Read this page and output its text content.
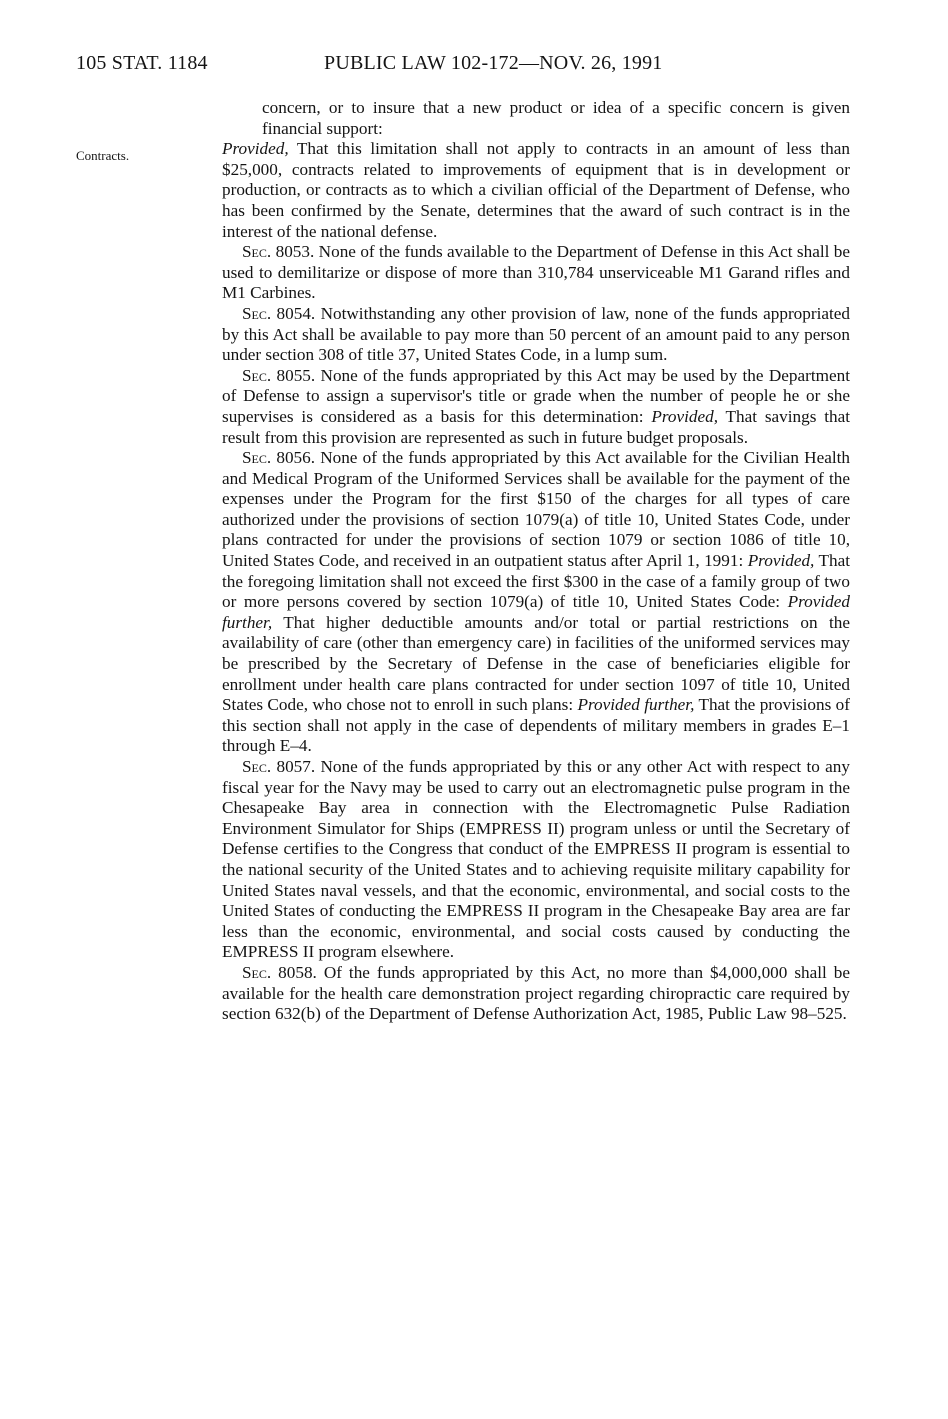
105 STAT. 1184	PUBLIC LAW 102-172—NOV. 26, 1991
Contracts.

concern, or to insure that a new product or idea of a specific concern is given financial support:

Provided, That this limitation shall not apply to contracts in an amount of less than $25,000, contracts related to improvements of equipment that is in development or production, or contracts as to which a civilian official of the Department of Defense, who has been confirmed by the Senate, determines that the award of such contract is in the interest of the national defense.

Sec. 8053. None of the funds available to the Department of Defense in this Act shall be used to demilitarize or dispose of more than 310,784 unserviceable M1 Garand rifles and M1 Carbines.

Sec. 8054. Notwithstanding any other provision of law, none of the funds appropriated by this Act shall be available to pay more than 50 percent of an amount paid to any person under section 308 of title 37, United States Code, in a lump sum.

Sec. 8055. None of the funds appropriated by this Act may be used by the Department of Defense to assign a supervisor's title or grade when the number of people he or she supervises is considered as a basis for this determination: Provided, That savings that result from this provision are represented as such in future budget proposals.

Sec. 8056. None of the funds appropriated by this Act available for the Civilian Health and Medical Program of the Uniformed Services shall be available for the payment of the expenses under the Program for the first $150 of the charges for all types of care authorized under the provisions of section 1079(a) of title 10, United States Code, under plans contracted for under the provisions of section 1079 or section 1086 of title 10, United States Code, and received in an outpatient status after April 1, 1991: Provided, That the foregoing limitation shall not exceed the first $300 in the case of a family group of two or more persons covered by section 1079(a) of title 10, United States Code: Provided further, That higher deductible amounts and/or total or partial restrictions on the availability of care (other than emergency care) in facilities of the uniformed services may be prescribed by the Secretary of Defense in the case of beneficiaries eligible for enrollment under health care plans contracted for under section 1097 of title 10, United States Code, who chose not to enroll in such plans: Provided further, That the provisions of this section shall not apply in the case of dependents of military members in grades E–1 through E–4.

Sec. 8057. None of the funds appropriated by this or any other Act with respect to any fiscal year for the Navy may be used to carry out an electromagnetic pulse program in the Chesapeake Bay area in connection with the Electromagnetic Pulse Radiation Environment Simulator for Ships (EMPRESS II) program unless or until the Secretary of Defense certifies to the Congress that conduct of the EMPRESS II program is essential to the national security of the United States and to achieving requisite military capability for United States naval vessels, and that the economic, environmental, and social costs to the United States of conducting the EMPRESS II program in the Chesapeake Bay area are far less than the economic, environmental, and social costs caused by conducting the EMPRESS II program elsewhere.

Sec. 8058. Of the funds appropriated by this Act, no more than $4,000,000 shall be available for the health care demonstration project regarding chiropractic care required by section 632(b) of the Department of Defense Authorization Act, 1985, Public Law 98–525.
